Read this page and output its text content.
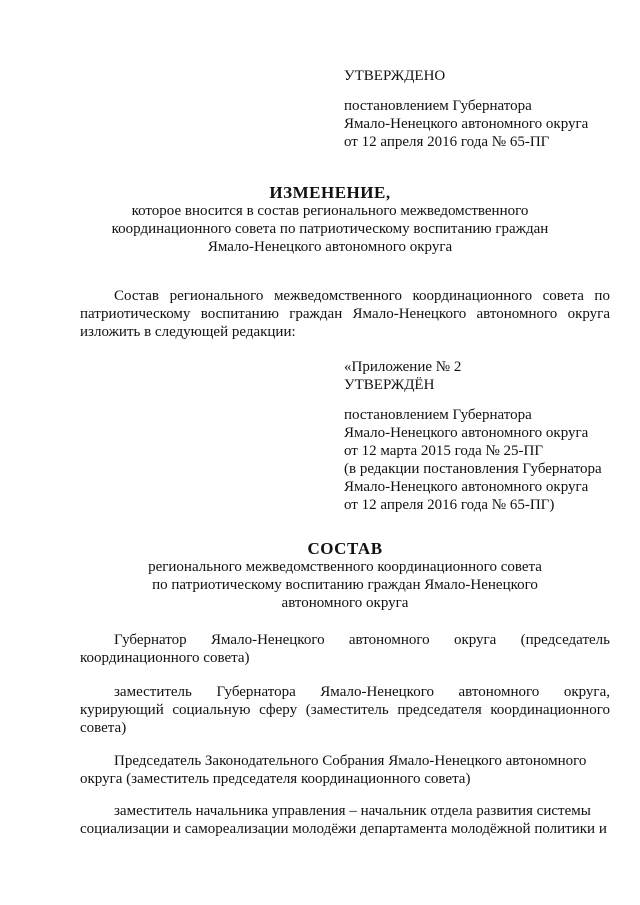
УТВЕРЖДЕНО
постановлением Губернатора
Ямало-Ненецкого автономного округа
от 12 апреля 2016 года № 65-ПГ
ИЗМЕНЕНИЕ,
которое вносится в состав регионального межведомственного
координационного совета по патриотическому воспитанию граждан
Ямало-Ненецкого автономного округа
Состав регионального межведомственного координационного совета по
патриотическому воспитанию граждан Ямало-Ненецкого автономного округа
изложить в следующей редакции:
«Приложение № 2
УТВЕРЖДЁН
постановлением Губернатора
Ямало-Ненецкого автономного округа
от 12 марта 2015 года № 25-ПГ
(в редакции постановления Губернатора
Ямало-Ненецкого автономного округа
от 12 апреля 2016 года № 65-ПГ)
СОСТАВ
регионального межведомственного координационного совета
по патриотическому воспитанию граждан Ямало-Ненецкого
автономного округа
Губернатор Ямало-Ненецкого автономного округа (председатель
координационного совета)
заместитель Губернатора Ямало-Ненецкого автономного округа,
курирующий социальную сферу (заместитель председателя координационного
совета)
Председатель Законодательного Собрания Ямало-Ненецкого автономного
округа (заместитель председателя координационного совета)
заместитель начальника управления – начальник отдела развития системы
социализации и самореализации молодёжи департамента молодёжной политики и
